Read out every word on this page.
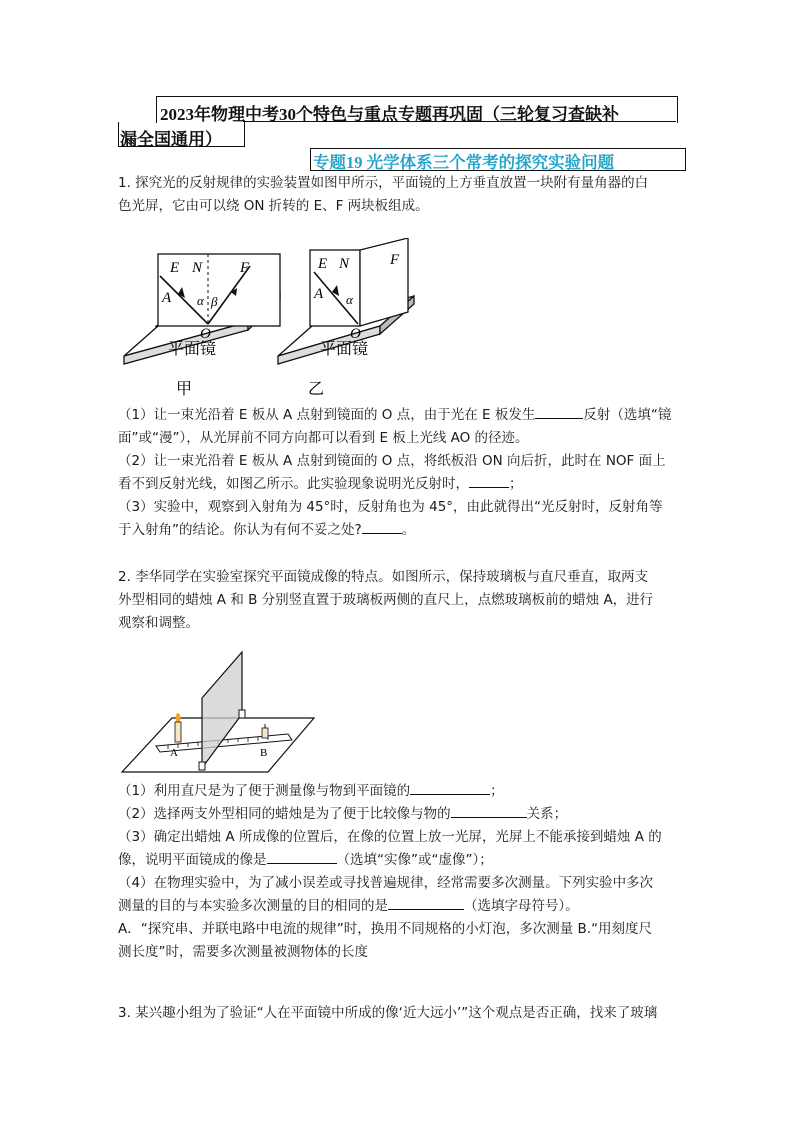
2023年物理中考30个特色与重点专题再巩固（三轮复习查缺补
漏全国通用）
专题19 光学体系三个常考的探究实验问题

1. 探究光的反射规律的实验装置如图甲所示，平面镜的上方垂直放置一块附有量角器的白

色光屏，它由可以绕 ON 折转的 E、F 两块板组成。

E N	F
A α β
O
平面镜
甲
E N	F
A α
O
平面镜
乙

（1）让一束光沿着 E 板从 A 点射到镜面的 O 点，由于光在 E 板发生	反射（选填“镜

面”或“漫”），从光屏前不同方向都可以看到 E 板上光线 AO 的径迹。

（2）让一束光沿着 E 板从 A 点射到镜面的 O 点，将纸板沿 ON 向后折，此时在 NOF 面上

看不到反射光线，如图乙所示。此实验现象说明光反射时，	；

（3）实验中，观察到入射角为 45°时，反射角也为 45°，由此就得出“光反射时，反射角等

于入射角”的结论。你认为有何不妥之处?	。

2. 李华同学在实验室探究平面镜成像的特点。如图所示，保持玻璃板与直尺垂直，取两支

外型相同的蜡烛 A 和 B 分别竖直置于玻璃板两侧的直尺上，点燃玻璃板前的蜡烛 A，进行

观察和调整。

A	B

（1）利用直尺是为了便于测量像与物到平面镜的	；

（2）选择两支外型相同的蜡烛是为了便于比较像与物的	关系；

（3）确定出蜡烛 A 所成像的位置后，在像的位置上放一光屏，光屏上不能承接到蜡烛 A 的

像，说明平面镜成的像是	（选填“实像”或“虚像”）；

（4）在物理实验中，为了减小误差或寻找普遍规律，经常需要多次测量。下列实验中多次

测量的目的与本实验多次测量的目的相同的是	（选填字母符号）。

A．“探究串、并联电路中电流的规律”时，换用不同规格的小灯泡，多次测量 B.“用刻度尺

测长度”时，需要多次测量被测物体的长度

3. 某兴趣小组为了验证“人在平面镜中所成的像‘近大远小’”这个观点是否正确，找来了玻璃
